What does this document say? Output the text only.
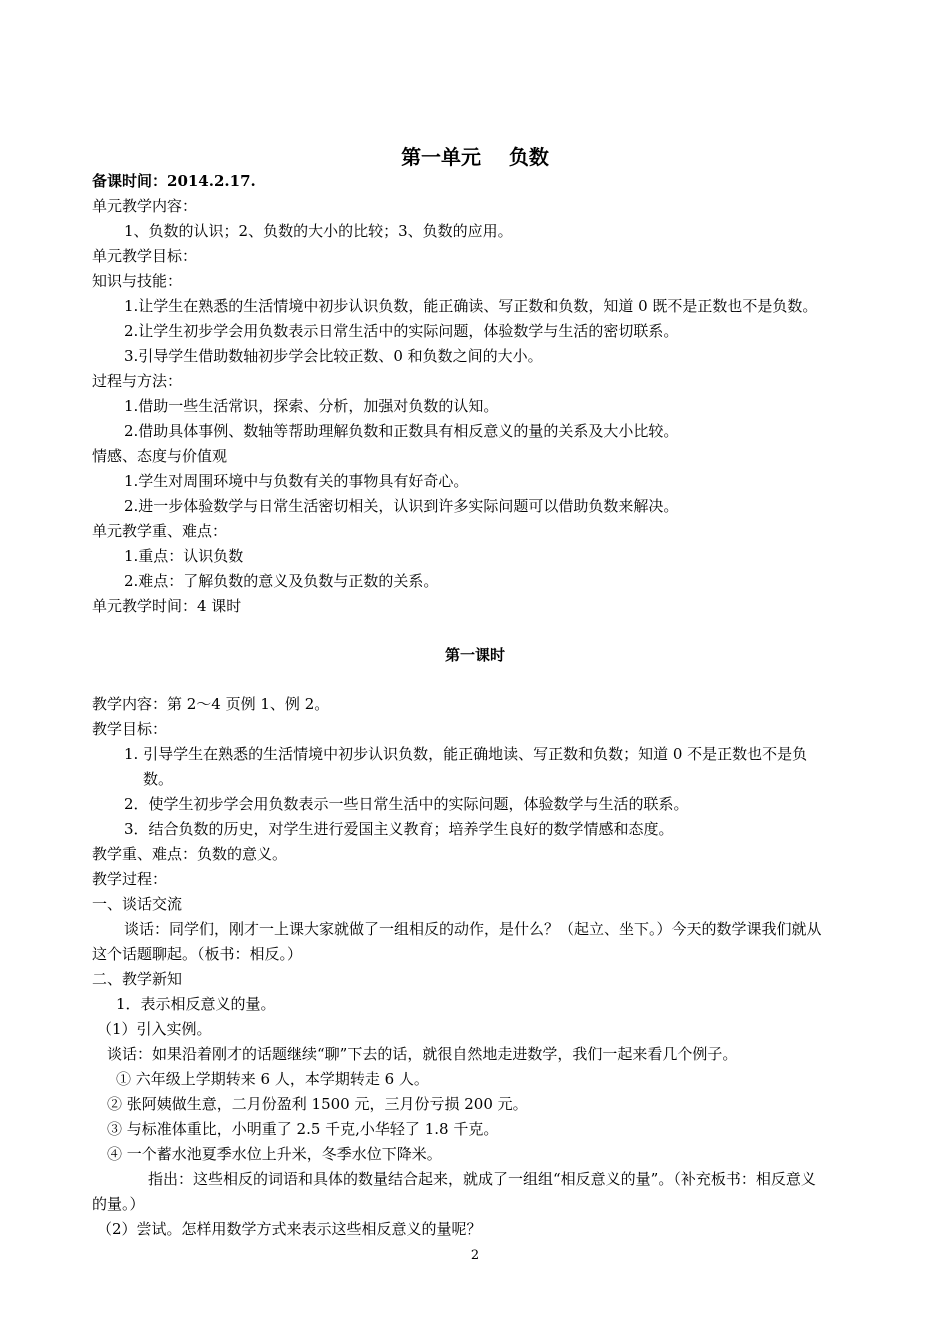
第一单元    负数
备课时间：2014.2.17.
单元教学内容：
1、负数的认识；2、负数的大小的比较；3、负数的应用。
单元教学目标：
知识与技能：
1.让学生在熟悉的生活情境中初步认识负数，能正确读、写正数和负数，知道 0 既不是正数也不是负数。
2.让学生初步学会用负数表示日常生活中的实际问题，体验数学与生活的密切联系。
3.引导学生借助数轴初步学会比较正数、0 和负数之间的大小。
过程与方法：
1.借助一些生活常识，探索、分析，加强对负数的认知。
2.借助具体事例、数轴等帮助理解负数和正数具有相反意义的量的关系及大小比较。
情感、态度与价值观
1.学生对周围环境中与负数有关的事物具有好奇心。
2.进一步体验数学与日常生活密切相关，认识到许多实际问题可以借助负数来解决。
单元教学重、难点：
1.重点：认识负数
2.难点：了解负数的意义及负数与正数的关系。
单元教学时间：4 课时
第一课时
教学内容：第 2～4 页例 1、例 2。
教学目标：
1. 引导学生在熟悉的生活情境中初步认识负数，能正确地读、写正数和负数；知道 0 不是正数也不是负
数。
2．使学生初步学会用负数表示一些日常生活中的实际问题，体验数学与生活的联系。
3．结合负数的历史，对学生进行爱国主义教育；培养学生良好的数学情感和态度。
教学重、难点：负数的意义。
教学过程：
一、谈话交流
谈话：同学们，刚才一上课大家就做了一组相反的动作，是什么？（起立、坐下。）今天的数学课我们就从
这个话题聊起。（板书：相反。）
二、教学新知
1．表示相反意义的量。
（1）引入实例。
谈话：如果沿着刚才的话题继续“聊”下去的话，就很自然地走进数学，我们一起来看几个例子。
① 六年级上学期转来 6 人，本学期转走 6 人。
② 张阿姨做生意，二月份盈利 1500 元，三月份亏损 200 元。
③ 与标准体重比，小明重了 2.5 千克,小华轻了 1.8 千克。
④ 一个蓄水池夏季水位上升米，冬季水位下降米。
指出：这些相反的词语和具体的数量结合起来，就成了一组组“相反意义的量”。（补充板书：相反意义
的量。）
（2）尝试。怎样用数学方式来表示这些相反意义的量呢？
2
